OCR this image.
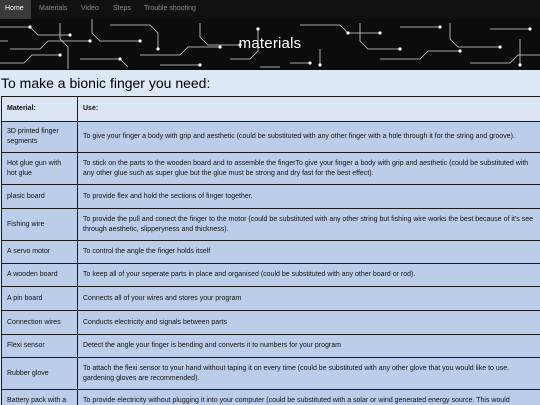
Home	Materials	Video	Steps	Trouble shooting
materials
To make a bionic finger you need:
Material:	Use:
3D printed finger segments	To give your finger a body with grip and aesthetic (could be substituted with any other finger with a hole through it for the string and groove).
Hot glue gun with hot glue	To stick on the parts to the wooden board and to assemble the fingerTo give your finger a body with grip and aesthetic (could be substituted with any other glue such as super glue but the glue must be strong and dry fast for the best effect).
plasic board	To provide flex and hold the sections of finger together.
Fishing wire	To provide the pull and conect the finger to the motor (could be substituted with any other string but fishing wire works the best because of it's see through aesthetic, slipperyness and thickness).
A servo motor	To control the angle the finger holds itself
A wooden board	To keep all of your seperate parts in place and organised (could be substituted with any other board or rod).
A pin board	Connects all of your wires and stores your program
Connection wires	Conducts electricity and signals between parts
Flexi sensor	Detect the angle your finger is bending and converts it to numbers for your program
Rubber glove	To attach the flexi sensor to your hand without taping it on every time (could be substituted with any other glove that you would like to use. gardening gloves are recommended).
Battery pack with a	To provide electricity without plugging it into your computer (could be substituted with a solar or wind generated energy source. This would
